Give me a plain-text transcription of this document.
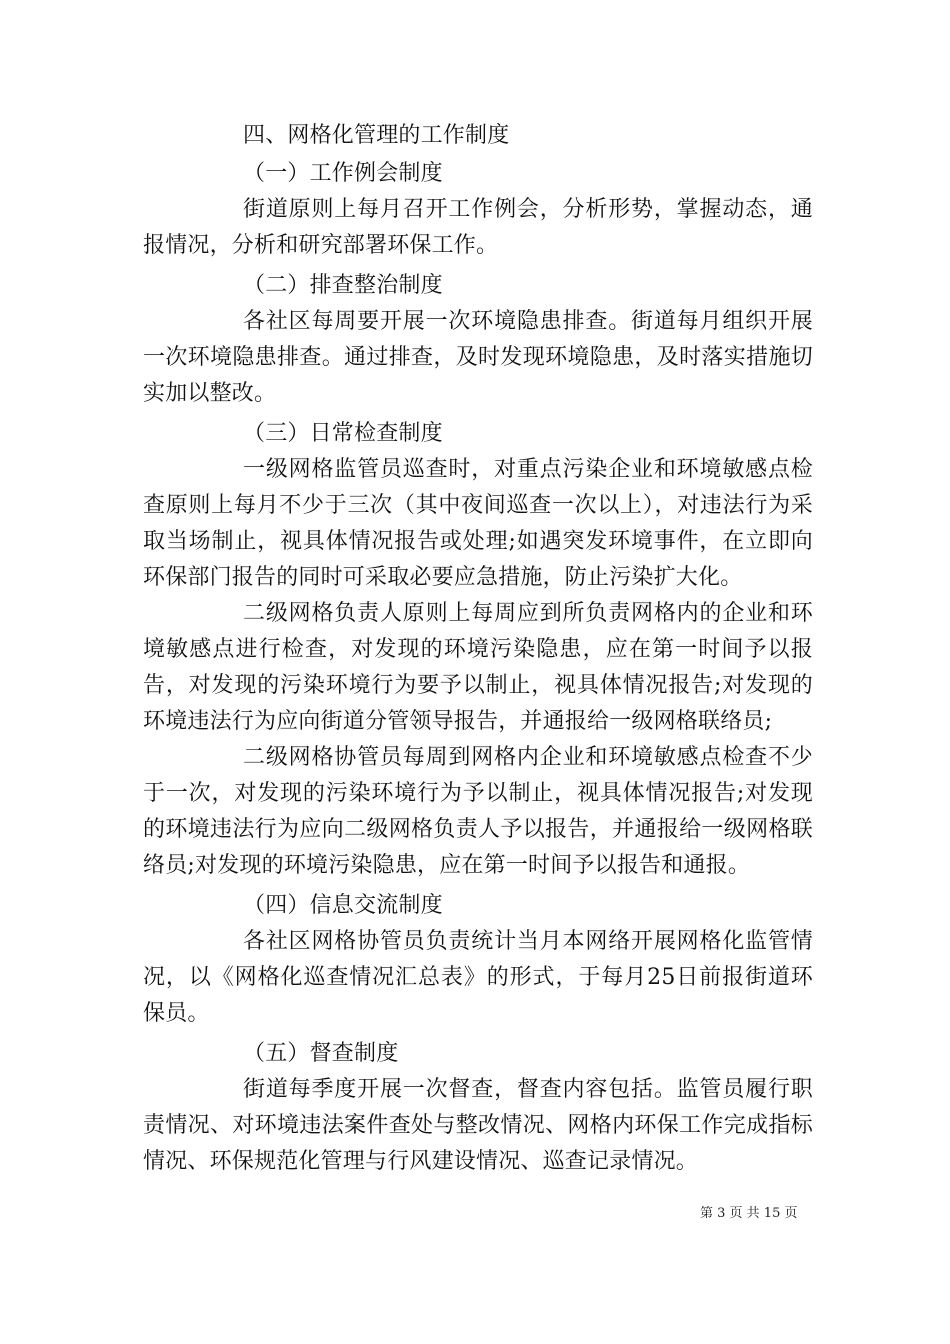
四、网格化管理的工作制度

（一）工作例会制度

街道原则上每月召开工作例会，分析形势，掌握动态，通报情况，分析和研究部署环保工作。

（二）排查整治制度

各社区每周要开展一次环境隐患排查。街道每月组织开展一次环境隐患排查。通过排查，及时发现环境隐患，及时落实措施切实加以整改。

（三）日常检查制度

一级网格监管员巡查时，对重点污染企业和环境敏感点检查原则上每月不少于三次（其中夜间巡查一次以上），对违法行为采取当场制止，视具体情况报告或处理;如遇突发环境事件，在立即向环保部门报告的同时可采取必要应急措施，防止污染扩大化。

二级网格负责人原则上每周应到所负责网格内的企业和环境敏感点进行检查，对发现的环境污染隐患，应在第一时间予以报告，对发现的污染环境行为要予以制止，视具体情况报告;对发现的环境违法行为应向街道分管领导报告，并通报给一级网格联络员;

二级网格协管员每周到网格内企业和环境敏感点检查不少于一次，对发现的污染环境行为予以制止，视具体情况报告;对发现的环境违法行为应向二级网格负责人予以报告，并通报给一级网格联络员;对发现的环境污染隐患，应在第一时间予以报告和通报。

（四）信息交流制度

各社区网格协管员负责统计当月本网络开展网格化监管情况，以《网格化巡查情况汇总表》的形式，于每月25日前报街道环保员。

（五）督查制度

街道每季度开展一次督查，督查内容包括。监管员履行职责情况、对环境违法案件查处与整改情况、网格内环保工作完成指标情况、环保规范化管理与行风建设情况、巡查记录情况。

第 3 页 共 15 页
